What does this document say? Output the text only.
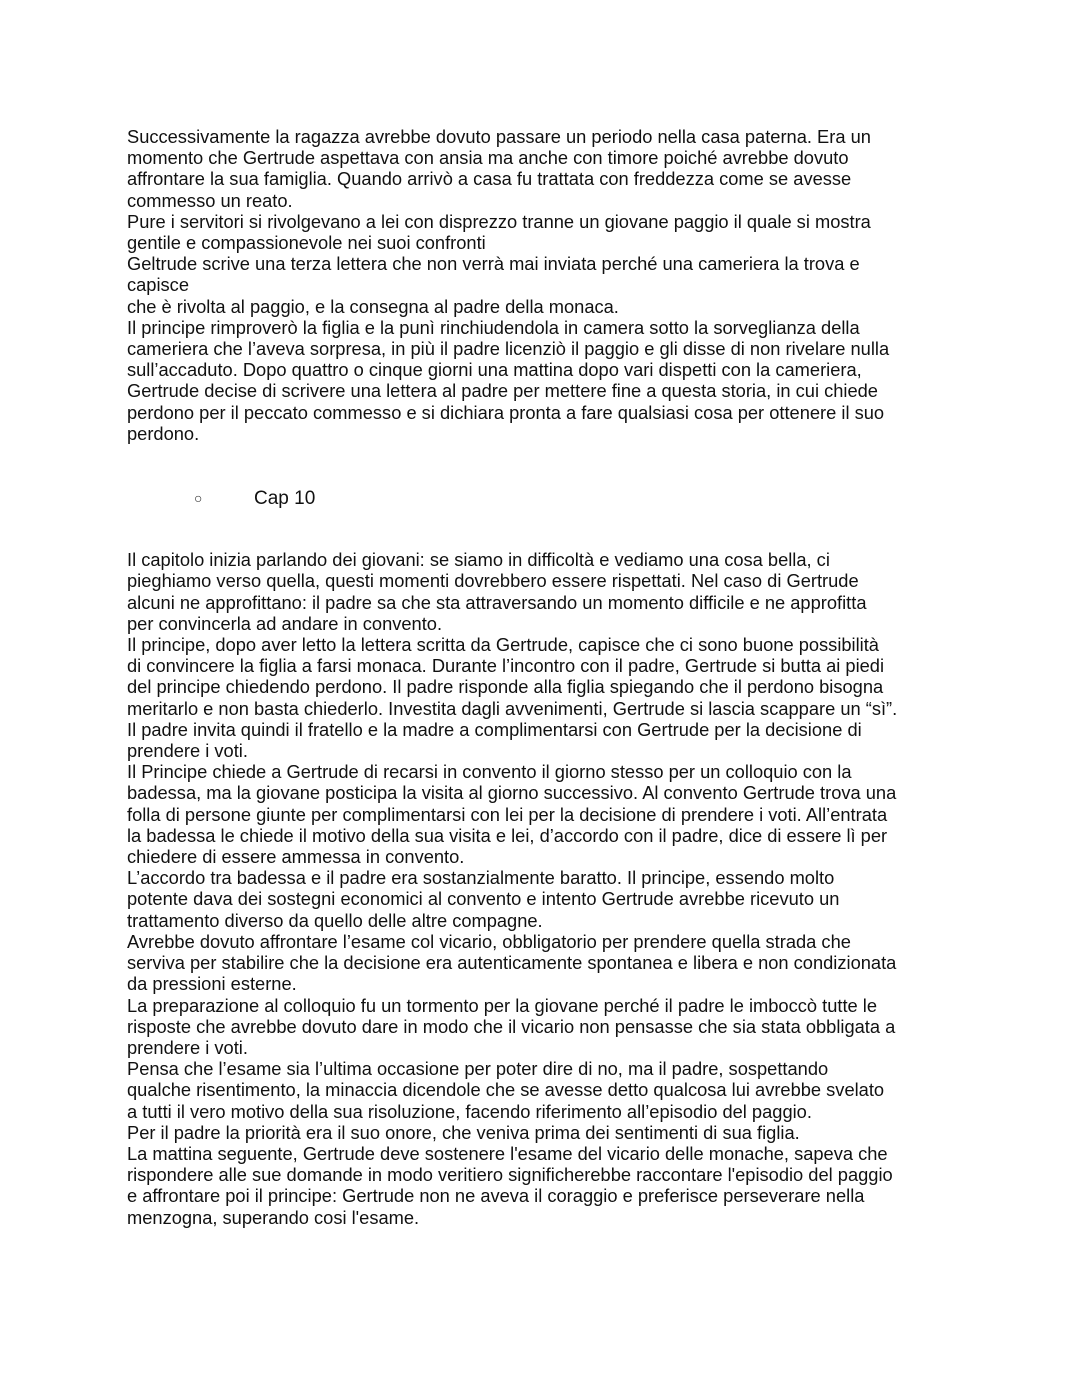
Successivamente la ragazza avrebbe dovuto passare un periodo nella casa paterna. Era un
momento che Gertrude aspettava con ansia ma anche con timore poiché avrebbe dovuto
affrontare la sua famiglia. Quando arrivò a casa fu trattata con freddezza come se avesse
commesso un reato.
Pure i servitori si rivolgevano a lei con disprezzo tranne un giovane paggio il quale si mostra
gentile e compassionevole nei suoi confronti
Geltrude scrive una terza lettera che non verrà mai inviata perché una cameriera la trova e
capisce
che è rivolta al paggio, e la consegna al padre della monaca.
Il principe rimproverò la figlia e la punì rinchiudendola in camera sotto la sorveglianza della
cameriera che l’aveva sorpresa, in più il padre licenziò il paggio e gli disse di non rivelare nulla
sull’accaduto. Dopo quattro o cinque giorni una mattina dopo vari dispetti con la cameriera,
Gertrude decise di scrivere una lettera al padre per mettere fine a questa storia, in cui chiede
perdono per il peccato commesso e si dichiara pronta a fare qualsiasi cosa per ottenere il suo
perdono.
○	Cap 10
Il capitolo inizia parlando dei giovani: se siamo in difficoltà e vediamo una cosa bella, ci
pieghiamo verso quella, questi momenti dovrebbero essere rispettati. Nel caso di Gertrude
alcuni ne approfittano: il padre sa che sta attraversando un momento difficile e ne approfitta
per convincerla ad andare in convento.
Il principe, dopo aver letto la lettera scritta da Gertrude, capisce che ci sono buone possibilità
di convincere la figlia a farsi monaca. Durante l’incontro con il padre, Gertrude si butta ai piedi
del principe chiedendo perdono. Il padre risponde alla figlia spiegando che il perdono bisogna
meritarlo e non basta chiederlo. Investita dagli avvenimenti, Gertrude si lascia scappare un “sì”.
Il padre invita quindi il fratello e la madre a complimentarsi con Gertrude per la decisione di
prendere i voti.
Il Principe chiede a Gertrude di recarsi in convento il giorno stesso per un colloquio con la
badessa, ma la giovane posticipa la visita al giorno successivo. Al convento Gertrude trova una
folla di persone giunte per complimentarsi con lei per la decisione di prendere i voti. All’entrata
la badessa le chiede il motivo della sua visita e lei, d’accordo con il padre, dice di essere lì per
chiedere di essere ammessa in convento.
L’accordo tra badessa e il padre era sostanzialmente baratto. Il principe, essendo molto
potente dava dei sostegni economici al convento e intento Gertrude avrebbe ricevuto un
trattamento diverso da quello delle altre compagne.
Avrebbe dovuto affrontare l’esame col vicario, obbligatorio per prendere quella strada che
serviva per stabilire che la decisione era autenticamente spontanea e libera e non condizionata
da pressioni esterne.
La preparazione al colloquio fu un tormento per la giovane perché il padre le imboccò tutte le
risposte che avrebbe dovuto dare in modo che il vicario non pensasse che sia stata obbligata a
prendere i voti.
Pensa che l’esame sia l’ultima occasione per poter dire di no, ma il padre, sospettando
qualche risentimento, la minaccia dicendole che se avesse detto qualcosa lui avrebbe svelato
a tutti il vero motivo della sua risoluzione, facendo riferimento all’episodio del paggio.
Per il padre la priorità era il suo onore, che veniva prima dei sentimenti di sua figlia.
La mattina seguente, Gertrude deve sostenere l'esame del vicario delle monache, sapeva che
rispondere alle sue domande in modo veritiero significherebbe raccontare l'episodio del paggio
e affrontare poi il principe: Gertrude non ne aveva il coraggio e preferisce perseverare nella
menzogna, superando cosi l'esame.
